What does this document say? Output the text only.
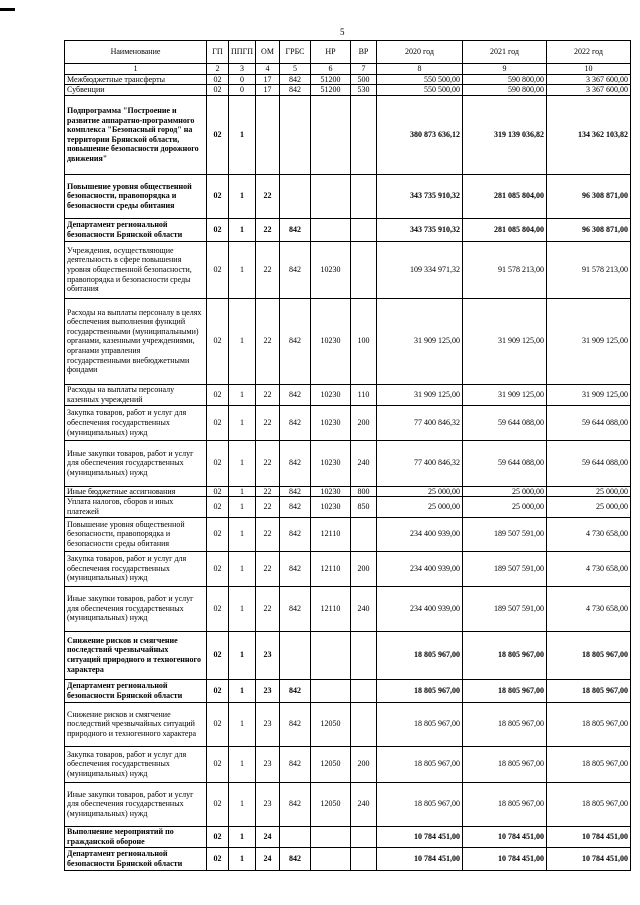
5
Наименование	ГП	ППГП	ОМ	ГРБС	НР	ВР	2020 год	2021 год	2022 год
1	2	3	4	5	6	7	8	9	10
Межбюджетные трансферты	02	0	17	842	51200	500	550 500,00	590 800,00	3 367 600,00
Субвенции	02	0	17	842	51200	530	550 500,00	590 800,00	3 367 600,00
Подпрограмма "Построение и развитие аппаратно-программного комплекса "Безопасный город" на территории Брянской области, повышение безопасности дорожного движения"	02	1					380 873 636,12	319 139 036,82	134 362 103,82
Повышение уровня общественной безопасности, правопорядка и безопасности среды обитания	02	1	22				343 735 910,32	281 085 804,00	96 308 871,00
Департамент региональной безопасности Брянской области	02	1	22	842			343 735 910,32	281 085 804,00	96 308 871,00
Учреждения, осуществляющие деятельность в сфере повышения уровня общественной безопасности, правопорядка и безопасности среды обитания	02	1	22	842	10230		109 334 971,32	91 578 213,00	91 578 213,00
Расходы на выплаты персоналу в целях обеспечения выполнения функций государственными (муниципальными) органами, казенными учреждениями, органами управления государственными внебюджетными фондами	02	1	22	842	10230	100	31 909 125,00	31 909 125,00	31 909 125,00
Расходы на выплаты персоналу казенных учреждений	02	1	22	842	10230	110	31 909 125,00	31 909 125,00	31 909 125,00
Закупка товаров, работ и услуг для обеспечения государственных (муниципальных) нужд	02	1	22	842	10230	200	77 400 846,32	59 644 088,00	59 644 088,00
Иные закупки товаров, работ и услуг для обеспечения государственных (муниципальных) нужд	02	1	22	842	10230	240	77 400 846,32	59 644 088,00	59 644 088,00
Иные бюджетные ассигнования	02	1	22	842	10230	800	25 000,00	25 000,00	25 000,00
Уплата налогов, сборов и иных платежей	02	1	22	842	10230	850	25 000,00	25 000,00	25 000,00
Повышение уровня общественной безопасности, правопорядка и безопасности среды обитания	02	1	22	842	12110		234 400 939,00	189 507 591,00	4 730 658,00
Закупка товаров, работ и услуг для обеспечения государственных (муниципальных) нужд	02	1	22	842	12110	200	234 400 939,00	189 507 591,00	4 730 658,00
Иные закупки товаров, работ и услуг для обеспечения государственных (муниципальных) нужд	02	1	22	842	12110	240	234 400 939,00	189 507 591,00	4 730 658,00
Снижение рисков и смягчение последствий чрезвычайных ситуаций природного и техногенного характера	02	1	23				18 805 967,00	18 805 967,00	18 805 967,00
Департамент региональной безопасности Брянской области	02	1	23	842			18 805 967,00	18 805 967,00	18 805 967,00
Снижение рисков и смягчение последствий чрезвычайных ситуаций природного и техногенного характера	02	1	23	842	12050		18 805 967,00	18 805 967,00	18 805 967,00
Закупка товаров, работ и услуг для обеспечения государственных (муниципальных) нужд	02	1	23	842	12050	200	18 805 967,00	18 805 967,00	18 805 967,00
Иные закупки товаров, работ и услуг для обеспечения государственных (муниципальных) нужд	02	1	23	842	12050	240	18 805 967,00	18 805 967,00	18 805 967,00
Выполнение мероприятий по гражданской обороне	02	1	24				10 784 451,00	10 784 451,00	10 784 451,00
Департамент региональной безопасности Брянской области	02	1	24	842			10 784 451,00	10 784 451,00	10 784 451,00
